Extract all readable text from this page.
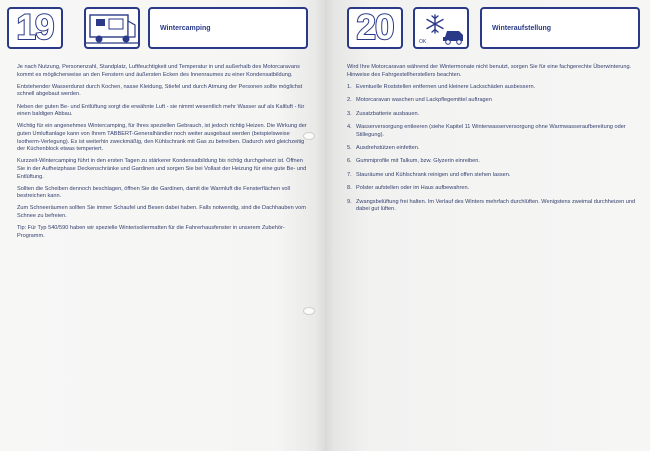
19	Wintercamping

Je nach Nutzung, Personenzahl, Standplatz, Luftfeuchtigkeit und Temperatur in und außerhalb des Motorcaravans kommt es möglicherweise an den Fenstern und äußersten Ecken des Innenraumes zu einer Kondensatbildung.

Entstehender Wasserdunst durch Kochen, nasse Kleidung, Stiefel und durch Atmung der Personen sollte möglichst schnell abgebaut werden.

Neben der guten Be- und Entlüftung sorgt die erwähnte Luft - sie nimmt wesentlich mehr Wasser auf als Kaltluft - für einen baldigen Abbau.

Wichtig für ein angenehmes Wintercamping, für Ihres speziellen Gebrauch, ist jedoch richtig Heizen. Die Wirkung der guten Umluftanlage kann von Ihrem TABBERT-Generalhändler noch weiter ausgebaut werden (beispielsweise Isotherm-Verlegung). Es ist weiterhin zweckmäßig, den Kühlschrank mit Gas zu betreiben. Dadurch wird gleichzeitig der Küchenblock etwas temperiert.

Kurzzeit-Wintercamping führt in den ersten Tagen zu stärkerer Kondensatbildung bis richtig durchgeheizt ist. Öffnen Sie in der Aufheizphase Deckenschränke und Gardinen und sorgen Sie bei Vollast der Heizung für eine gute Be- und Entlüftung.

Sollten die Scheiben dennoch beschlagen, öffnen Sie die Gardinen, damit die Warmluft die Fensterflächen voll bestreichen kann.

Zum Schneeräumen sollten Sie immer Schaufel und Besen dabei haben. Falls notwendig, sind die Dachhauben vom Schnee zu befreien.

Tip: Für Typ 540/590 haben wir spezielle Winterisoliermatten für die Fahrerhausfenster in unserem Zubehör-Programm.

20	OK
Winteraufstellung

Wird Ihre Motorcaravan während der Wintermonate nicht benutzt, sorgen Sie für eine fachgerechte Überwinterung. Hinweise des Fahrgestellherstellers beachten.

1. Eventuelle Roststellen entfernen und kleinere Lackschäden ausbessern.
2. Motorcaravan waschen und Lackpflegemittel auftragen
3. Zusatzbatterie ausbauen.
4. Wasserversorgung entleeren (siehe Kapitel 11 Winterwasserversorgung ohne Warmwasseraufbereitung oder Stillegung).
5. Ausdrehstützen einfetten.
6. Gummiprofile mit Talkum, bzw. Glyzerin einreiben.
7. Stauräume und Kühlschrank reinigen und offen stehen lassen.
8. Polster aufstellen oder im Haus aufbewahren.
9. Zwangsbelüftung frei halten. Im Verlauf des Winters mehrfach durchlüften. Wenigstens zweimal durchheizen und dabei gut lüften.
